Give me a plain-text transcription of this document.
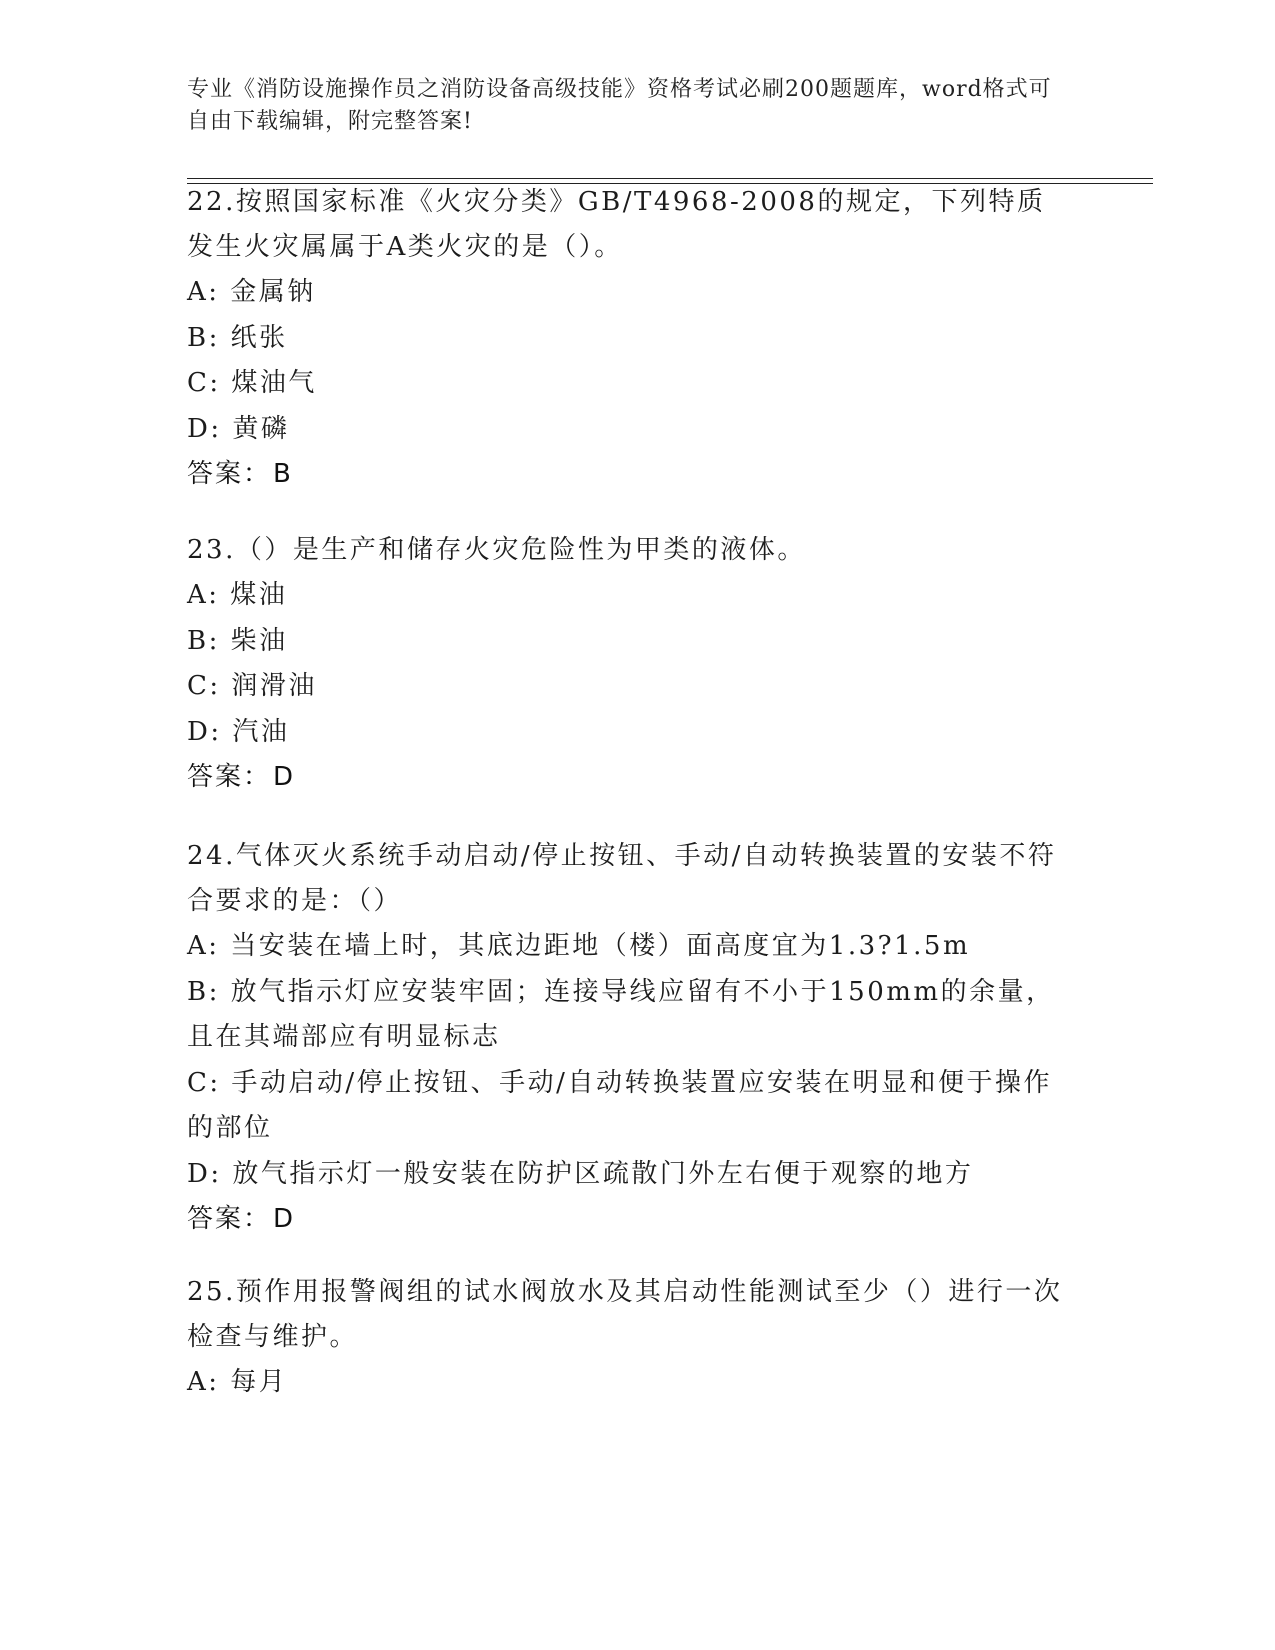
专业《消防设施操作员之消防设备高级技能》资格考试必刷200题题库，word格式可自由下载编辑，附完整答案!
22.按照国家标准《火灾分类》GB/T4968-2008的规定，下列特质发生火灾属属于A类火灾的是（）。
A: 金属钠
B: 纸张
C: 煤油气
D: 黄磷
答案：B
23.（）是生产和储存火灾危险性为甲类的液体。
A: 煤油
B: 柴油
C: 润滑油
D: 汽油
答案：D
24.气体灭火系统手动启动/停止按钮、手动/自动转换装置的安装不符合要求的是：（）
A: 当安装在墙上时，其底边距地（楼）面高度宜为1.3?1.5m
B: 放气指示灯应安装牢固；连接导线应留有不小于150mm的余量，且在其端部应有明显标志
C: 手动启动/停止按钮、手动/自动转换装置应安装在明显和便于操作的部位
D: 放气指示灯一般安装在防护区疏散门外左右便于观察的地方
答案：D
25.预作用报警阀组的试水阀放水及其启动性能测试至少（）进行一次检查与维护。
A: 每月
